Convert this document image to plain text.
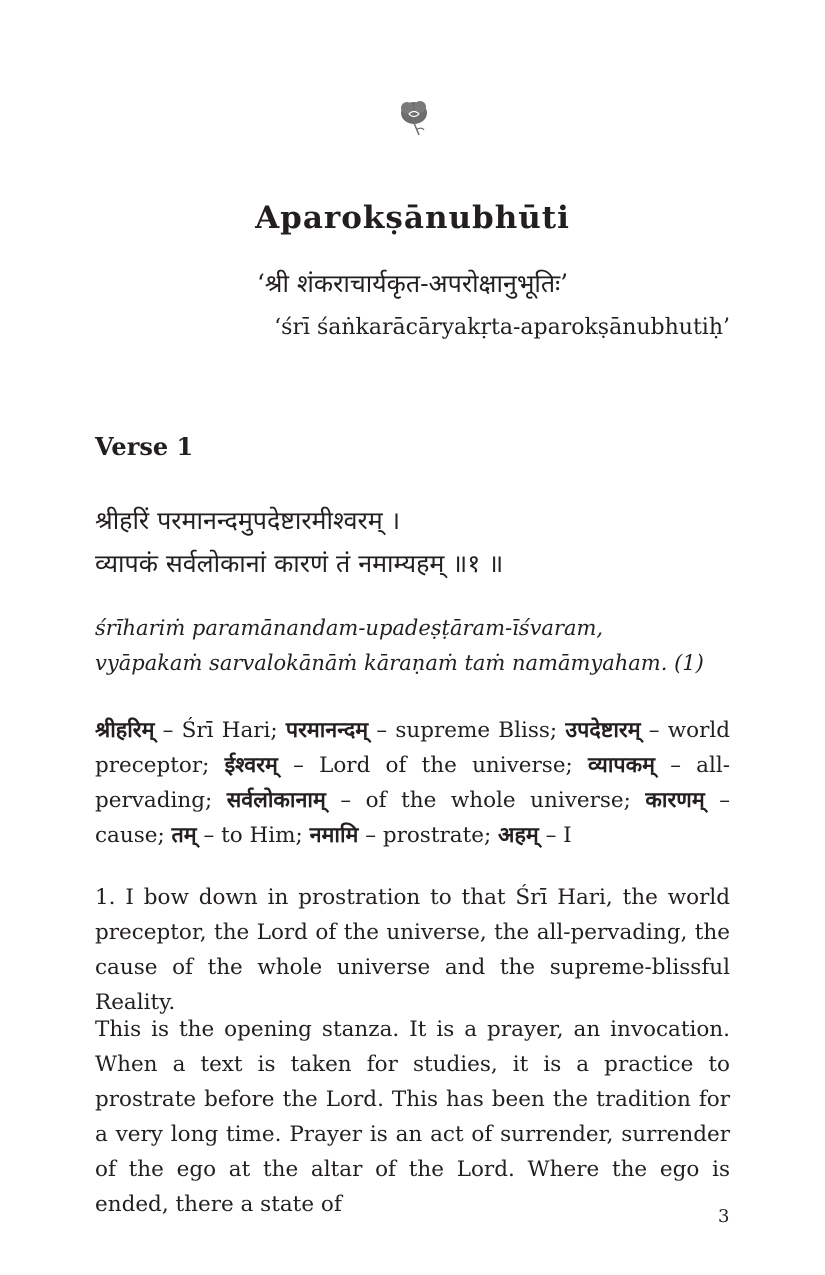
Aparokṣānubhūti
‘श्री शंकराचार्यकृत-अपरोक्षानुभूतिः’
‘śrī śaṅkarācāryakṛta-aparokṣānubhutiḥ’
Verse 1
श्रीहरिं परमानन्दमुपदेष्टारमीश्वरम् ।
व्यापकं सर्वलोकानां कारणं तं नमाम्यहम् ॥१ ॥
śrīhariṁ paramānandam-upadeṣṭāram-īśvaram,
vyāpakaṁ sarvalokānāṁ kāraṇaṁ taṁ namāmyaham. (1)
श्रीहरिम् – Śrī Hari; परमानन्दम् – supreme Bliss; उपदेष्टारम् – world preceptor; ईश्वरम् – Lord of the universe; व्यापकम् – all-pervading; सर्वलोकानाम् – of the whole universe; कारणम् – cause; तम् – to Him; नमामि – prostrate; अहम् – I
1. I bow down in prostration to that Śrī Hari, the world preceptor, the Lord of the universe, the all-pervading, the cause of the whole universe and the supreme-blissful Reality.
This is the opening stanza. It is a prayer, an invocation. When a text is taken for studies, it is a practice to prostrate before the Lord. This has been the tradition for a very long time. Prayer is an act of surrender, surrender of the ego at the altar of the Lord. Where the ego is ended, there a state of	3
